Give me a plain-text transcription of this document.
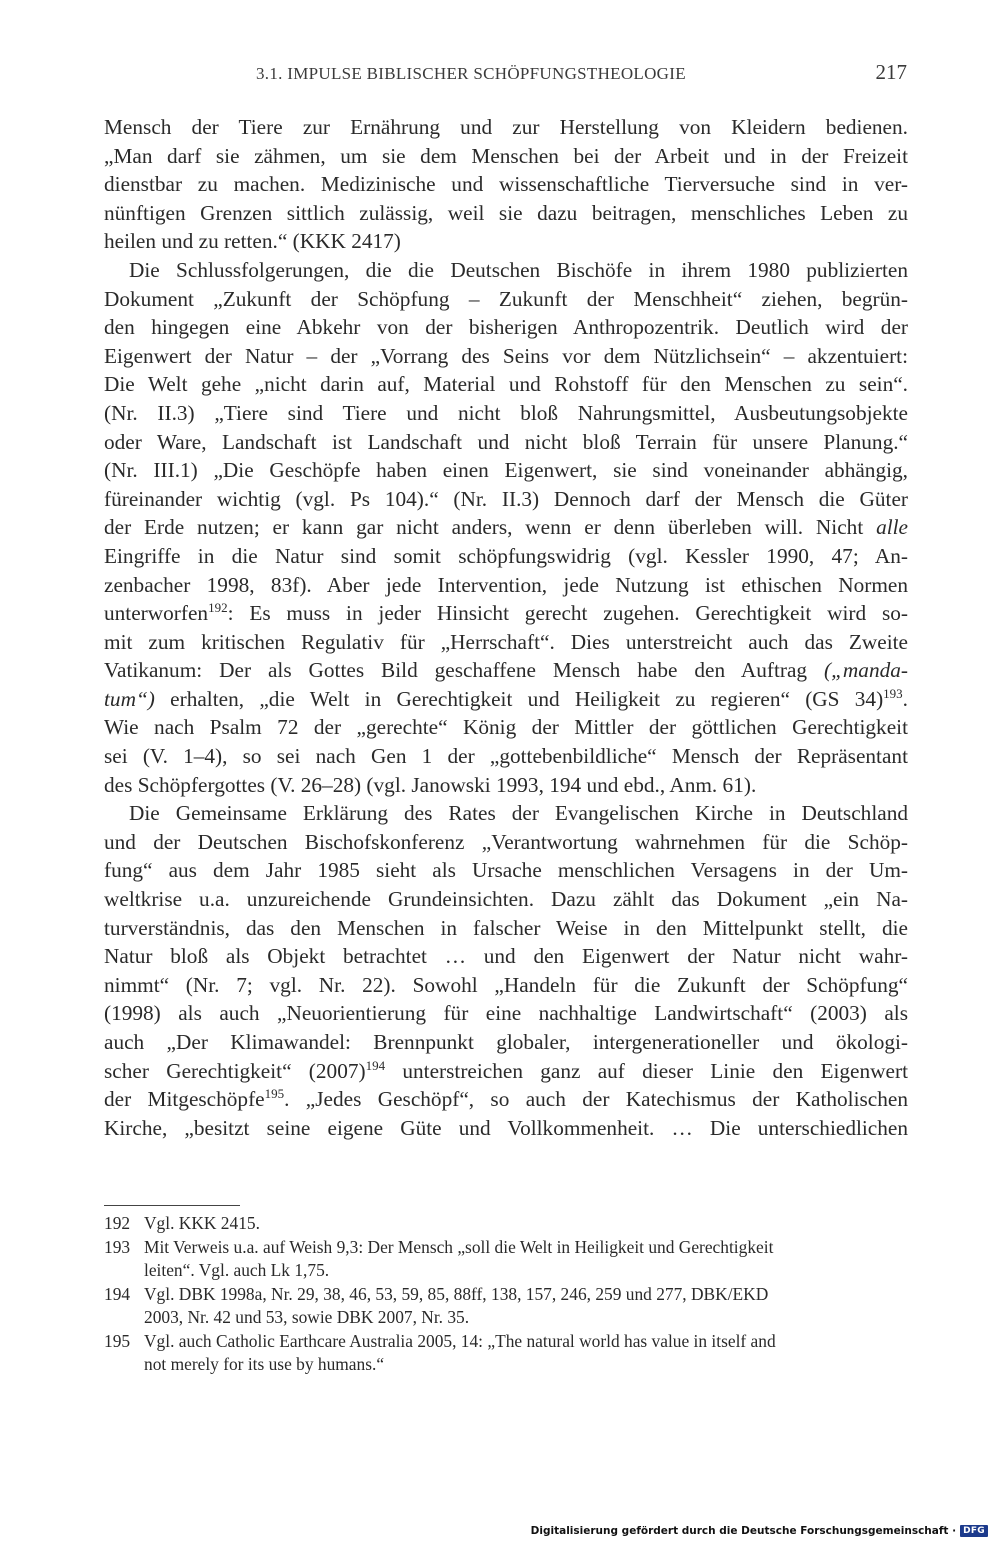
3.1. IMPULSE BIBLISCHER SCHÖPFUNGSTHEOLOGIE	217

Mensch der Tiere zur Ernährung und zur Herstellung von Kleidern bedienen.
„Man darf sie zähmen, um sie dem Menschen bei der Arbeit und in der Freizeit
dienstbar zu machen. Medizinische und wissenschaftliche Tierversuche sind in ver-
nünftigen Grenzen sittlich zulässig, weil sie dazu beitragen, menschliches Leben zu
heilen und zu retten.“ (KKK 2417)

Die Schlussfolgerungen, die die Deutschen Bischöfe in ihrem 1980 publizierten
Dokument „Zukunft der Schöpfung – Zukunft der Menschheit“ ziehen, begrün-
den hingegen eine Abkehr von der bisherigen Anthropozentrik. Deutlich wird der
Eigenwert der Natur – der „Vorrang des Seins vor dem Nützlichsein“ – akzentuiert:
Die Welt gehe „nicht darin auf, Material und Rohstoff für den Menschen zu sein“.
(Nr. II.3) „Tiere sind Tiere und nicht bloß Nahrungsmittel, Ausbeutungsobjekte
oder Ware, Landschaft ist Landschaft und nicht bloß Terrain für unsere Planung.“
(Nr. III.1) „Die Geschöpfe haben einen Eigenwert, sie sind voneinander abhängig,
füreinander wichtig (vgl. Ps 104).“ (Nr. II.3) Dennoch darf der Mensch die Güter
der Erde nutzen; er kann gar nicht anders, wenn er denn überleben will. Nicht alle
Eingriffe in die Natur sind somit schöpfungswidrig (vgl. Kessler 1990, 47; An-
zenbacher 1998, 83f). Aber jede Intervention, jede Nutzung ist ethischen Normen
unterworfen$^{192}$: Es muss in jeder Hinsicht gerecht zugehen. Gerechtigkeit wird so-
mit zum kritischen Regulativ für „Herrschaft“. Dies unterstreicht auch das Zweite
Vatikanum: Der als Gottes Bild geschaffene Mensch habe den Auftrag („manda-
tum“) erhalten, „die Welt in Gerechtigkeit und Heiligkeit zu regieren“ (GS 34)$^{193}$.
Wie nach Psalm 72 der „gerechte“ König der Mittler der göttlichen Gerechtigkeit
sei (V. 1–4), so sei nach Gen 1 der „gottebenbildliche“ Mensch der Repräsentant
des Schöpfergottes (V. 26–28) (vgl. Janowski 1993, 194 und ebd., Anm. 61).

Die Gemeinsame Erklärung des Rates der Evangelischen Kirche in Deutschland
und der Deutschen Bischofskonferenz „Verantwortung wahrnehmen für die Schöp-
fung“ aus dem Jahr 1985 sieht als Ursache menschlichen Versagens in der Um-
weltkrise u.a. unzureichende Grundeinsichten. Dazu zählt das Dokument „ein Na-
turverständnis, das den Menschen in falscher Weise in den Mittelpunkt stellt, die
Natur bloß als Objekt betrachtet … und den Eigenwert der Natur nicht wahr-
nimmt“ (Nr. 7; vgl. Nr. 22). Sowohl „Handeln für die Zukunft der Schöpfung“
(1998) als auch „Neuorientierung für eine nachhaltige Landwirtschaft“ (2003) als
auch „Der Klimawandel: Brennpunkt globaler, intergenerationeller und ökologi-
scher Gerechtigkeit“ $(2007)^{194}$ unterstreichen ganz auf dieser Linie den Eigenwert
der Mitgeschöpfe$^{195}$. „Jedes Geschöpf“, so auch der Katechismus der Katholischen
Kirche, „besitzt seine eigene Güte und Vollkommenheit. … Die unterschiedlichen

192 Vgl. KKK 2415.
193 Mit Verweis u.a. auf Weish 9,3: Der Mensch „soll die Welt in Heiligkeit und Gerechtigkeit
leiten“. Vgl. auch Lk 1,75.
194 Vgl. DBK 1998a, Nr. 29, 38, 46, 53, 59, 85, 88ff, 138, 157, 246, 259 und 277, DBK/EKD
2003, Nr. 42 und 53, sowie DBK 2007, Nr. 35.
195 Vgl. auch Catholic Earthcare Australia 2005, 14: „The natural world has value in itself and
not merely for its use by humans.“
Digitalisierung gefördert durch die Deutsche Forschungsgemeinschaft · DFG
